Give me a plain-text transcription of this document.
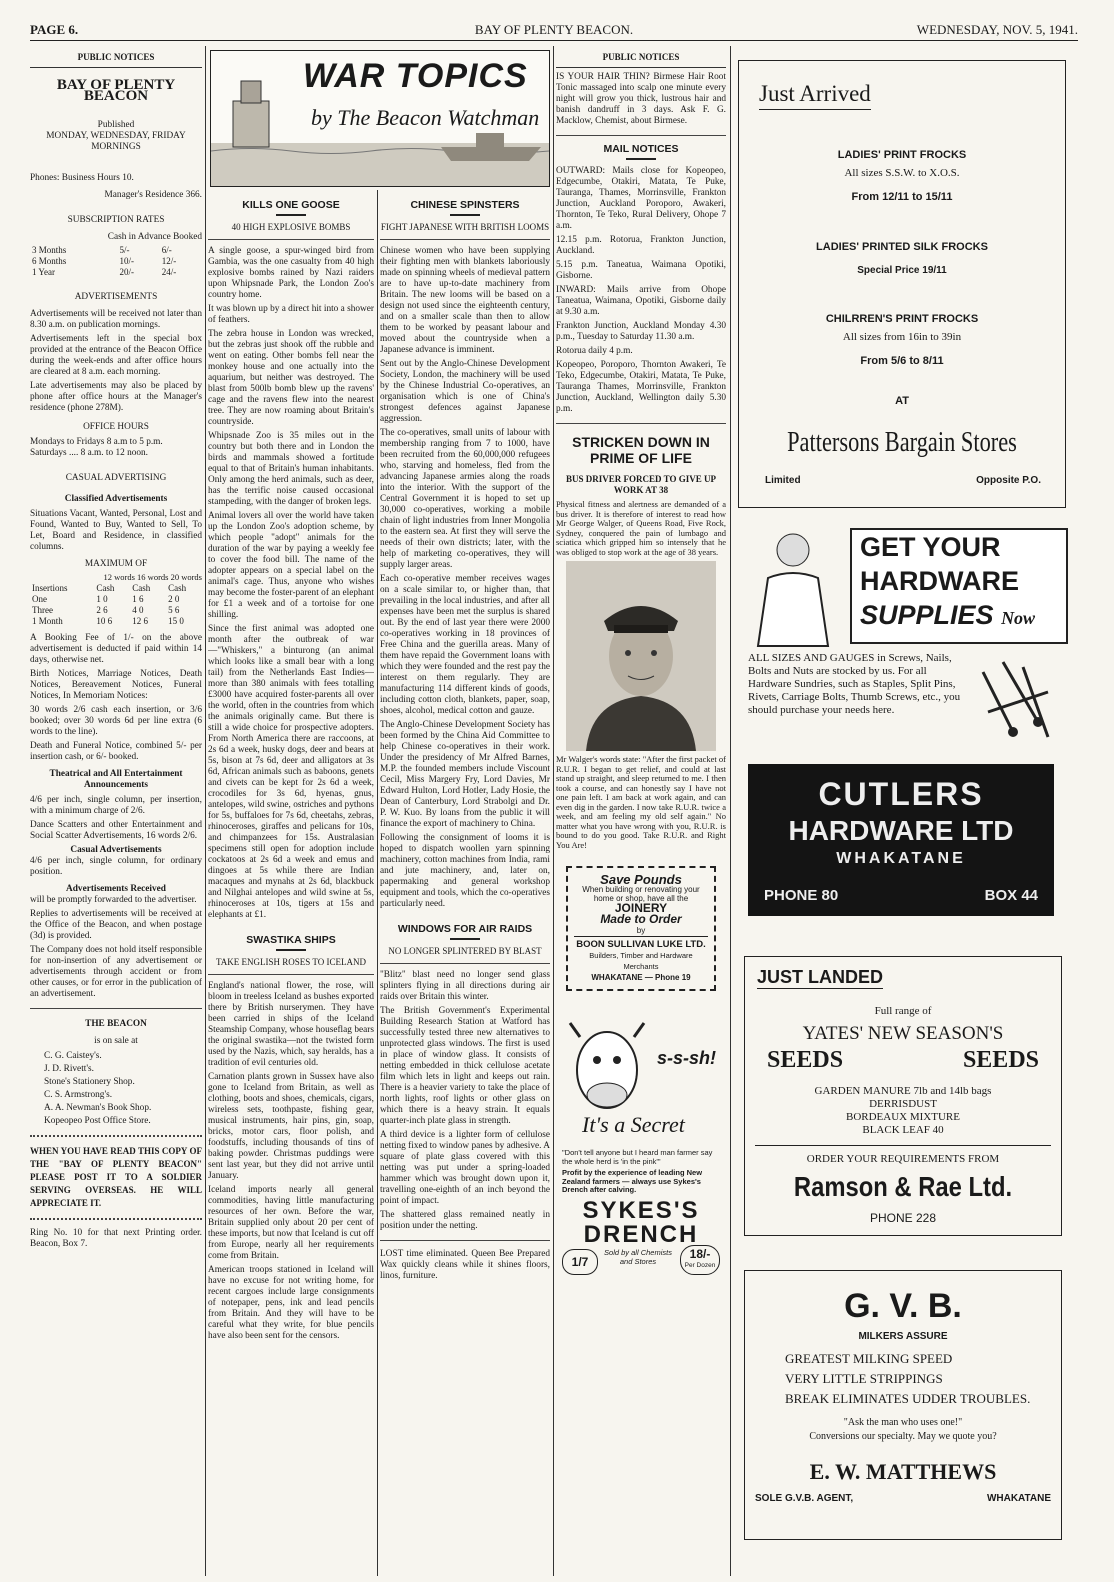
PAGE 6.	BAY OF PLENTY BEACON.	WEDNESDAY, NOV. 5, 1941.
PUBLIC NOTICES
BAY OF PLENTY BEACON
Published
MONDAY, WEDNESDAY, FRIDAY MORNINGS
Phones: Business Hours 10.
Manager's Residence 366.
SUBSCRIPTION RATES
Cash in Advance Booked
3 Months	5/-	6/-
6 Months	10/-	12/-
1 Year	20/-	24/-
ADVERTISEMENTS

Advertisements will be received not later than 8.30 a.m. on publication mornings.

Advertisements left in the special box provided at the entrance of the Beacon Office during the week-ends and after office hours are cleared at 8 a.m. each morning.

Late advertisements may also be placed by phone after office hours at the Manager's residence (phone 278M).

OFFICE HOURS
Mondays to Fridays 8 a.m to 5 p.m.
Saturdays .... 8 a.m. to 12 noon.
CASUAL ADVERTISING
Classified Advertisements

Situations Vacant, Wanted, Personal, Lost and Found, Wanted to Buy, Wanted to Sell, To Let, Board and Residence, in classified columns.

MAXIMUM OF
12 words 16 words 20 words
Insertions	Cash	Cash	Cash
One	1 0	1 6	2 0
Three	2 6	4 0	5 6
1 Month	10 6	12 6	15 0

A Booking Fee of 1/- on the above advertisement is deducted if paid within 14 days, otherwise net.

Birth Notices, Marriage Notices, Death Notices, Bereavement Notices, Funeral Notices, In Memoriam Notices:

30 words 2/6 cash each insertion, or 3/6 booked; over 30 words 6d per line extra (6 words to the line).

Death and Funeral Notice, combined 5/- per insertion cash, or 6/- booked.

Theatrical and All Entertainment Announcements

4/6 per inch, single column, per insertion, with a minimum charge of 2/6.

Dance Scatters and other Entertainment and Social Scatter Advertisements, 16 words 2/6.

Casual Advertisements

4/6 per inch, single column, for ordinary position.

Advertisements Received

will be promptly forwarded to the advertiser.

Replies to advertisements will be received at the Office of the Beacon, and when postage (3d) is provided.

The Company does not hold itself responsible for non-insertion of any advertisement or advertisements through accident or from other causes, or for error in the publication of an advertisement.

THE BEACON
is on sale at
C. G. Caistey's.
J. D. Rivett's.
Stone's Stationery Shop.
C. S. Armstrong's.
A. A. Newman's Book Shop.
Kopeopeo Post Office Store.

WHEN YOU HAVE READ THIS COPY OF THE "BAY OF PLENTY BEACON" PLEASE POST IT TO A SOLDIER SERVING OVERSEAS. HE WILL APPRECIATE IT.

Ring No. 10 for that next Printing order. Beacon, Box 7.

WAR TOPICS
by The Beacon Watchman
KILLS ONE GOOSE
40 HIGH EXPLOSIVE BOMBS

A single goose, a spur-winged bird from Gambia, was the one casualty from 40 high explosive bombs rained by Nazi raiders upon Whipsnade Park, the London Zoo's country home.

It was blown up by a direct hit into a shower of feathers.

The zebra house in London was wrecked, but the zebras just shook off the rubble and went on eating. Other bombs fell near the monkey house and one actually into the aquarium, but neither was destroyed. The blast from 500lb bomb blew up the ravens' cage and the ravens flew into the nearest tree. They are now roaming about Britain's countryside.

Whipsnade Zoo is 35 miles out in the country but both there and in London the birds and mammals showed a fortitude equal to that of Britain's human inhabitants. Only among the herd animals, such as deer, has the terrific noise caused occasional stampeding, with the danger of broken legs.

Animal lovers all over the world have taken up the London Zoo's adoption scheme, by which people "adopt" animals for the duration of the war by paying a weekly fee to cover the food bill. The name of the adopter appears on a special label on the animal's cage. Thus, anyone who wishes may become the foster-parent of an elephant for £1 a week and of a tortoise for one shilling.

Since the first animal was adopted one month after the outbreak of war—"Whiskers," a binturong (an animal which looks like a small bear with a long tail) from the Netherlands East Indies—more than 380 animals with fees totalling £3000 have acquired foster-parents all over the world, often in the countries from which the animals originally came. But there is still a wide choice for prospective adopters. From North America there are raccoons, at 2s 6d a week, husky dogs, deer and bears at 5s, bison at 7s 6d, deer and alligators at 3s 6d, African animals such as baboons, genets and civets can be kept for 2s 6d a week, crocodiles for 3s 6d, hyenas, gnus, antelopes, wild swine, ostriches and pythons for 5s, buffaloes for 7s 6d, cheetahs, zebras, rhinoceroses, giraffes and pelicans for 10s, and chimpanzees for 15s. Australasian specimens still open for adoption include cockatoos at 2s 6d a week and emus and dingoes at 5s while there are Indian macaques and mynahs at 2s 6d, blackbuck and Nilghai antelopes and wild swine at 5s, rhinoceroses at 10s, tigers at 15s and elephants at £1.

SWASTIKA SHIPS
TAKE ENGLISH ROSES TO ICELAND

England's national flower, the rose, will bloom in treeless Iceland as bushes exported there by British nurserymen. They have been carried in ships of the Iceland Steamship Company, whose houseflag bears the original swastika—not the twisted form used by the Nazis, which, say heralds, has a tradition of evil centuries old.

Carnation plants grown in Sussex have also gone to Iceland from Britain, as well as clothing, boots and shoes, chemicals, cigars, wireless sets, toothpaste, fishing gear, musical instruments, hair pins, gin, soap, bricks, motor cars, floor polish, and foodstuffs, including thousands of tins of baking powder. Christmas puddings were sent last year, but they did not arrive until January.

Iceland imports nearly all general commodities, having little manufacturing resources of her own. Before the war, Britain supplied only about 20 per cent of these imports, but now that Iceland is cut off from Europe, nearly all her requirements come from Britain.

American troops stationed in Iceland will have no excuse for not writing home, for recent cargoes include large consignments of notepaper, pens, ink and lead pencils from Britain. And they will have to be careful what they write, for blue pencils have also been sent for the censors.

CHINESE SPINSTERS
FIGHT JAPANESE WITH BRITISH LOOMS

Chinese women who have been supplying their fighting men with blankets laboriously made on spinning wheels of medieval pattern are to have up-to-date machinery from Britain. The new looms will be based on a design not used since the eighteenth century, and on a smaller scale than then to allow them to be worked by peasant labour and moved about the countryside when a Japanese advance is imminent.

Sent out by the Anglo-Chinese Development Society, London, the machinery will be used by the Chinese Industrial Co-operatives, an organisation which is one of China's strongest defences against Japanese aggression.

The co-operatives, small units of labour with membership ranging from 7 to 1000, have been recruited from the 60,000,000 refugees who, starving and homeless, fled from the advancing Japanese armies along the roads into the interior. With the support of the Central Government it is hoped to set up 30,000 co-operatives, working a mobile chain of light industries from Inner Mongolia to the eastern sea. At first they will serve the needs of their own districts; later, with the help of marketing co-operatives, they will supply larger areas.

Each co-operative member receives wages on a scale similar to, or higher than, that prevailing in the local industries, and after all expenses have been met the surplus is shared out. By the end of last year there were 2000 co-operatives working in 18 provinces of Free China and the guerilla areas. Many of them have repaid the Government loans with which they were founded and the rest pay the interest on them regularly. They are manufacturing 114 different kinds of goods, including cotton cloth, blankets, paper, soap, shoes, alcohol, medical cotton and gauze.

The Anglo-Chinese Development Society has been formed by the China Aid Committee to help Chinese co-operatives in their work. Under the presidency of Mr Alfred Barnes, M.P. the founded members include Viscount Cecil, Miss Margery Fry, Lord Davies, Mr Edward Hulton, Lord Hotler, Lady Hosie, the Dean of Canterbury, Lord Strabolgi and Dr. P. W. Kuo. By loans from the public it will finance the export of machinery to China.

Following the consignment of looms it is hoped to dispatch woollen yarn spinning machinery, cotton machines from India, rami and jute machinery, and, later on, papermaking and general workshop equipment and tools, which the co-operatives particularly need.

WINDOWS FOR AIR RAIDS
NO LONGER SPLINTERED BY BLAST

"Blitz" blast need no longer send glass splinters flying in all directions during air raids over Britain this winter.

The British Government's Experimental Building Research Station at Watford has successfully tested three new alternatives to unprotected glass windows. The first is used in place of window glass. It consists of netting embedded in thick cellulose acetate film which lets in light and keeps out rain. There is a heavier variety to take the place of north lights, roof lights or other glass on which there is a heavy strain. It equals quarter-inch plate glass in strength.

A third device is a lighter form of cellulose netting fixed to window panes by adhesive. A square of plate glass covered with this netting was put under a spring-loaded hammer which was brought down upon it, travelling one-eighth of an inch beyond the point of impact.

The shattered glass remained neatly in position under the netting.

LOST time eliminated. Queen Bee Prepared Wax quickly cleans while it shines floors, linos, furniture.

PUBLIC NOTICES

IS YOUR HAIR THIN? Birmese Hair Root Tonic massaged into scalp one minute every night will grow you thick, lustrous hair and banish dandruff in 3 days. Ask F. G. Macklow, Chemist, about Birmese.

MAIL NOTICES

OUTWARD: Mails close for Kopeopeo, Edgecumbe, Otakiri, Matata, Te Puke, Tauranga, Thames, Morrinsville, Frankton Junction, Auckland Poroporo, Awakeri, Thornton, Te Teko, Rural Delivery, Ohope 7 a.m.

12.15 p.m. Rotorua, Frankton Junction, Auckland.

5.15 p.m. Taneatua, Waimana Opotiki, Gisborne.

INWARD: Mails arrive from Ohope Taneatua, Waimana, Opotiki, Gisborne daily at 9.30 a.m.

Frankton Junction, Auckland Monday 4.30 p.m., Tuesday to Saturday 11.30 a.m.

Rotorua daily 4 p.m.

Kopeopeo, Poroporo, Thornton Awakeri, Te Teko, Edgecumbe, Otakiri, Matata, Te Puke, Tauranga Thames, Morrinsville, Frankton Junction, Auckland, Wellington daily 5.30 p.m.

STRICKEN DOWN IN PRIME OF LIFE
BUS DRIVER FORCED TO GIVE UP WORK AT 38

Physical fitness and alertness are demanded of a bus driver. It is therefore of interest to read how Mr George Walger, of Queens Road, Five Rock, Sydney, conquered the pain of lumbago and sciatica which gripped him so intensely that he was obliged to stop work at the age of 38 years.

Mr Walger's words state: "After the first packet of R.U.R. I began to get relief, and could at last stand up straight, and sleep returned to me. I then took a course, and can honestly say I have not one pain left. I am back at work again, and can even dig in the garden. I now take R.U.R. twice a week, and am feeling my old self again." No matter what you have wrong with you, R.U.R. is bound to do you good. Take R.U.R. and Right You Are!

Save Pounds
When building or renovating your home or shop, have all the
JOINERY
Made to Order
by
BOON SULLIVAN LUKE LTD.
Builders, Timber and Hardware Merchants
WHAKATANE — Phone 19
s-s-sh!
It's a Secret
"Don't tell anyone but I heard man farmer say the whole herd is 'in the pink'"
Profit by the experience of leading New Zealand farmers — always use Sykes's Drench after calving.
SYKES'S
DRENCH
1/7
Sold by all Chemists and Stores	18/-
Per Dozen
Just Arrived
LADIES' PRINT FROCKS
All sizes S.S.W. to X.O.S.
From 12/11 to 15/11
LADIES' PRINTED SILK FROCKS
Special Price 19/11
CHILRREN'S PRINT FROCKS
All sizes from 16in to 39in
From 5/6 to 8/11
AT
Pattersons Bargain Stores
Limited	Opposite P.O.
GET YOUR
HARDWARE
SUPPLIES Now
ALL SIZES AND GAUGES in Screws, Nails, Bolts and Nuts are stocked by us. For all Hardware Sundries, such as Staples, Split Pins, Rivets, Carriage Bolts, Thumb Screws, etc., you should purchase your needs here.
CUTLERS
HARDWARE LTD
WHAKATANE
PHONE 80	BOX 44
JUST LANDED
Full range of
YATES' NEW SEASON'S
SEEDS	SEEDS
GARDEN MANURE 7lb and 14lb bags
DERRISDUST
BORDEAUX MIXTURE
BLACK LEAF 40
ORDER YOUR REQUIREMENTS FROM
Ramson & Rae Ltd.
PHONE 228
G. V. B.
MILKERS ASSURE
GREATEST MILKING SPEED
VERY LITTLE STRIPPINGS
BREAK ELIMINATES UDDER TROUBLES.
"Ask the man who uses one!"
Conversions our specialty. May we quote you?
E. W. MATTHEWS
SOLE G.V.B. AGENT,	WHAKATANE
